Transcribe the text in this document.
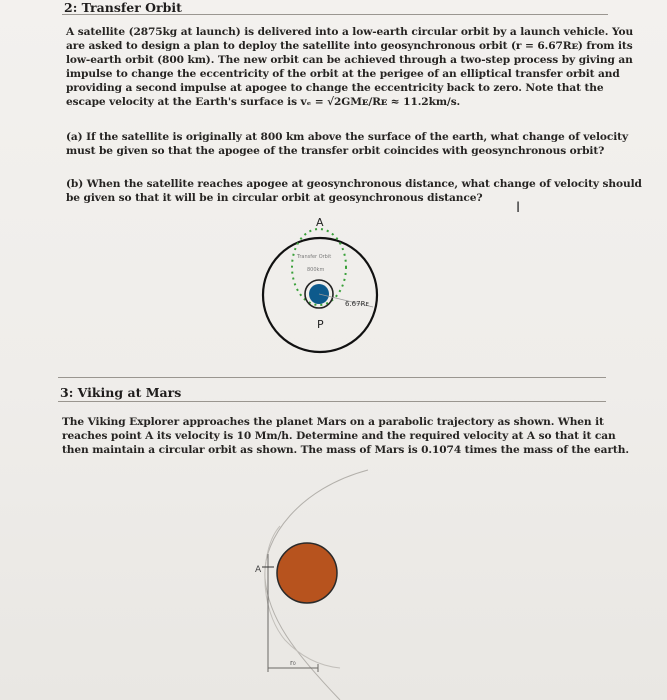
2: Transfer Orbit
A satellite (2875kg at launch) is delivered into a low-earth circular orbit by a launch vehicle. You
are asked to design a plan to deploy the satellite into geosynchronous orbit (r = 6.67Rᴇ) from its
low-earth orbit (800 km). The new orbit can be achieved through a two-step process by giving an
impulse to change the eccentricity of the orbit at the perigee of an elliptical transfer orbit and
providing a second impulse at apogee to change the eccentricity back to zero. Note that the
escape velocity at the Earth's surface is vₑ = √2GMᴇ/Rᴇ ≈ 11.2km/s.
(a) If the satellite is originally at 800 km above the surface of the earth, what change of velocity
must be given so that the apogee of the transfer orbit coincides with geosynchronous orbit?
(b) When the satellite reaches apogee at geosynchronous distance, what change of velocity should
be given so that it will be in circular orbit at geosynchronous distance?
I
A
Transfer Orbit
800km
6.67Rᴇ
P
3: Viking at Mars
The Viking Explorer approaches the planet Mars on a parabolic trajectory as shown. When it
reaches point A its velocity is 10 Mm/h. Determine and the required velocity at A so that it can
then maintain a circular orbit as shown. The mass of Mars is 0.1074 times the mass of the earth.
A
r₀
